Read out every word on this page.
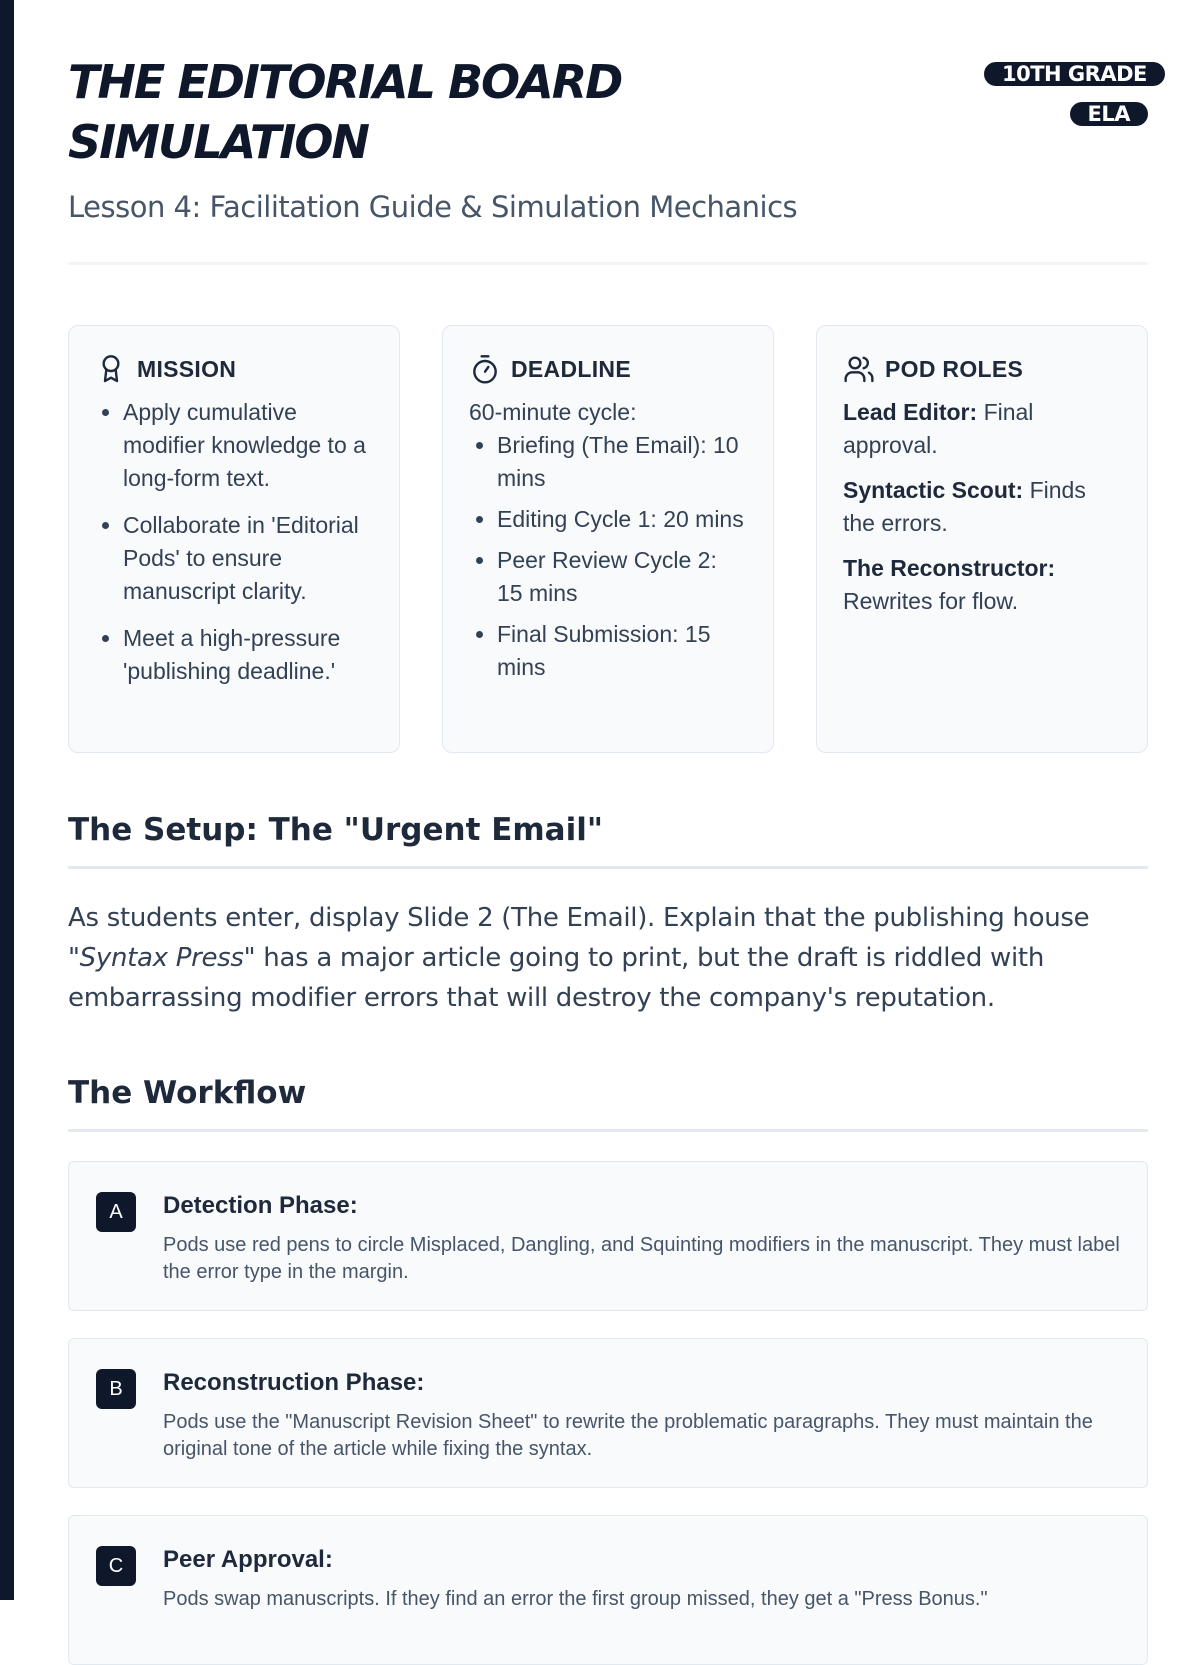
THE EDITORIAL BOARD SIMULATION
Lesson 4: Facilitation Guide & Simulation Mechanics
10TH GRADE ELA
MISSION
• Apply cumulative modifier knowledge to a long-form text.
• Collaborate in 'Editorial Pods' to ensure manuscript clarity.
• Meet a high-pressure 'publishing deadline.'
DEADLINE
60-minute cycle:
• Briefing (The Email): 10 mins
• Editing Cycle 1: 20 mins
• Peer Review Cycle 2: 15 mins
• Final Submission: 15 mins
POD ROLES
Lead Editor: Final approval.
Syntactic Scout: Finds the errors.
The Reconstructor: Rewrites for flow.
The Setup: The "Urgent Email"

As students enter, display Slide 2 (The Email). Explain that the publishing house "Syntax Press" has a major article going to print, but the draft is riddled with embarrassing modifier errors that will destroy the company's reputation.

The Workflow
A	Detection Phase:
Pods use red pens to circle Misplaced, Dangling, and Squinting modifiers in the manuscript. They must label the error type in the margin.
B	Reconstruction Phase:
Pods use the "Manuscript Revision Sheet" to rewrite the problematic paragraphs. They must maintain the original tone of the article while fixing the syntax.
C	Peer Approval:
Pods swap manuscripts. If they find an error the first group missed, they get a "Press Bonus."
